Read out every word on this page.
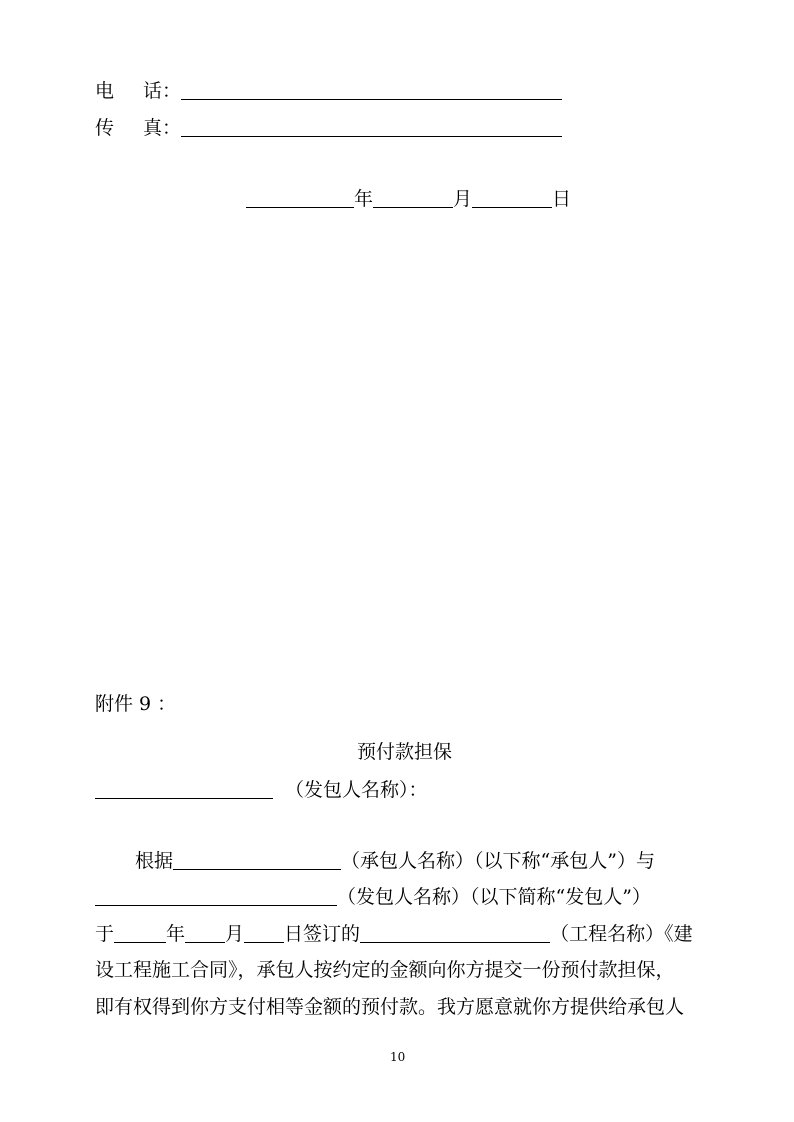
电 话：
传 真：
年	月	日
附件 9 ：
预付款担保
（发包人名称）：
根据	（承包人名称）（以下称“承包人”）与
（发包人名称）（以下简称“发包人”）
于	年 月 日签订的	（工程名称）《建
设工程施工合同》，承包人按约定的金额向你方提交一份预付款担保，
即有权得到你方支付相等金额的预付款。我方愿意就你方提供给承包人
10
